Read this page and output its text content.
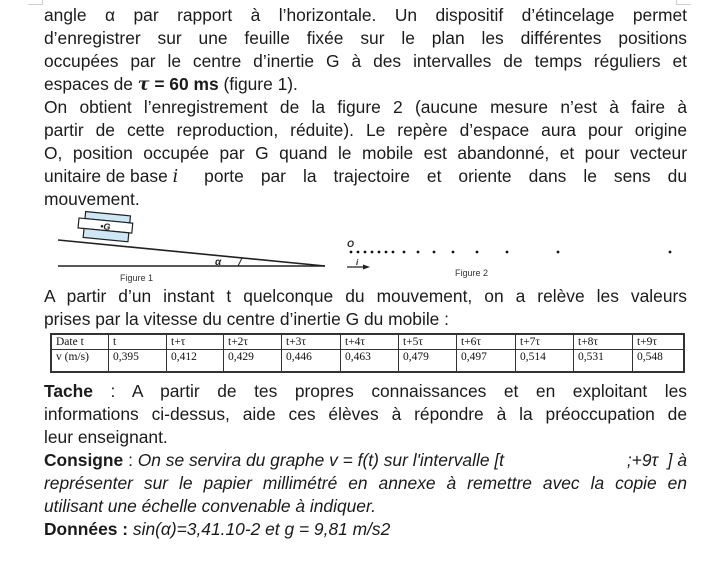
angle α par rapport à l’horizontale. Un dispositif d’étincelage permet
d’enregistrer sur une feuille fixée sur le plan les différentes positions
occupées par le centre d’inertie G à des intervalles de temps réguliers et
espaces de τ = 60 ms (figure 1).
On obtient l’enregistrement de la figure 2 (aucune mesure n’est à faire à
partir de cette reproduction, réduite). Le repère d’espace aura pour origine
O, position occupée par G quand le mobile est abandonné, et pour vecteur
unitaire de base i	porte par la trajectoire et oriente dans le sens du
mouvement.
•G
α
Figure 1
O
i
Figure 2
A partir d’un instant t quelconque du mouvement, on a relève les valeurs
prises par la vitesse du centre d’inertie G du mobile :
Date t	t	t+τ	t+2τ	t+3τ	t+4τ	t+5τ	t+6τ	t+7τ	t+8τ	t+9τ
v (m/s)	0,395	0,412	0,429	0,446	0,463	0,479	0,497	0,514	0,531	0,548
Tache : A partir de tes propres connaissances et en exploitant les
informations ci-dessus, aide ces élèves à répondre à la préoccupation de
leur enseignant.
Consigne : On se servira du graphe v = f(t) sur l'intervalle [t	;+9τ  ] à
représenter sur le papier millimétré en annexe à remettre avec la copie en
utilisant une échelle convenable à indiquer.
Données : sin(α)=3,41.10-2 et g = 9,81 m/s2
